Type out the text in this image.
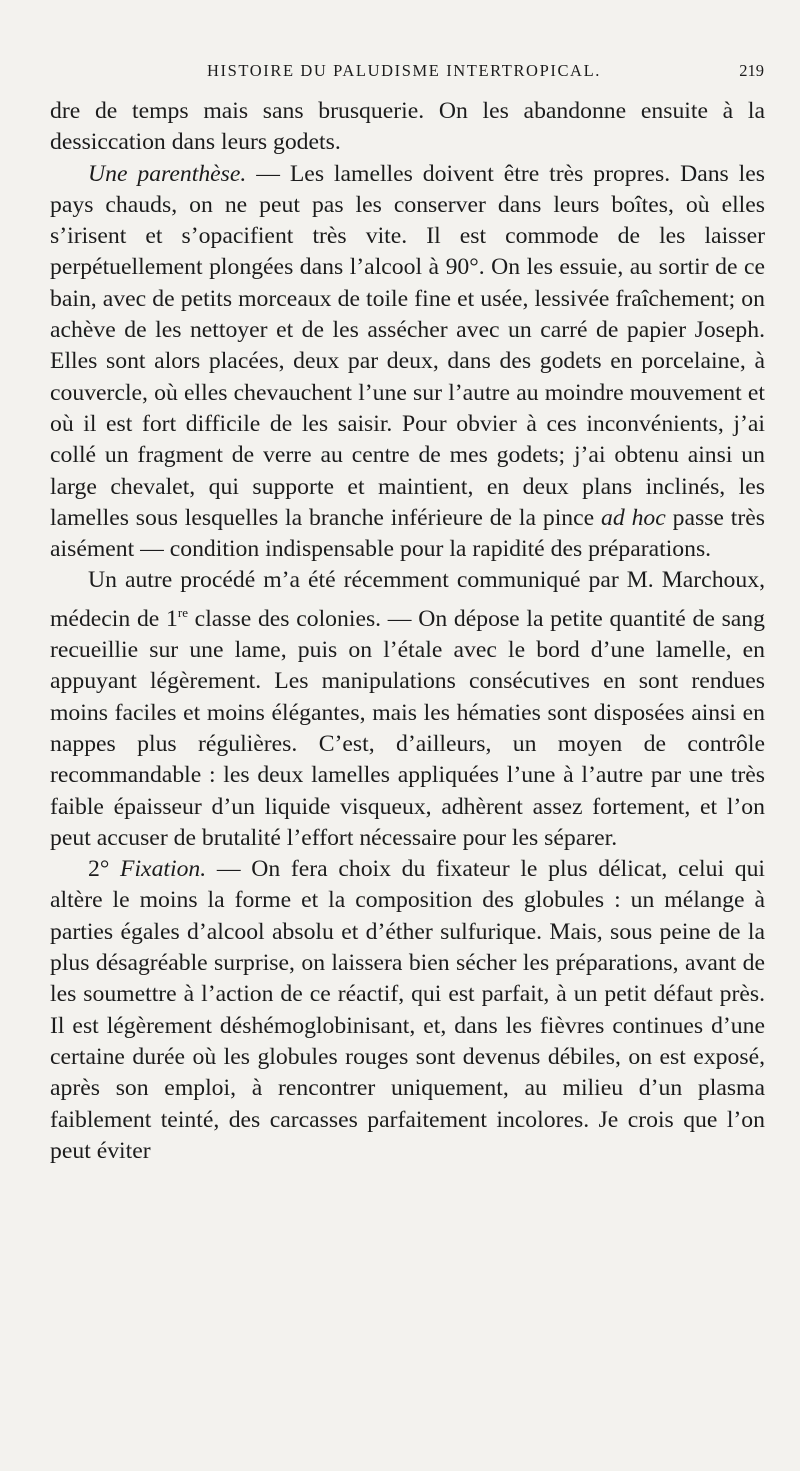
HISTOIRE DU PALUDISME INTERTROPICAL.	219

dre de temps mais sans brusquerie. On les abandonne ensuite à la dessiccation dans leurs godets.

Une parenthèse. — Les lamelles doivent être très propres. Dans les pays chauds, on ne peut pas les conserver dans leurs boîtes, où elles s’irisent et s’opacifient très vite. Il est commode de les laisser perpétuellement plongées dans l’alcool à 90°. On les essuie, au sortir de ce bain, avec de petits morceaux de toile fine et usée, lessivée fraîchement; on achève de les nettoyer et de les assécher avec un carré de papier Joseph. Elles sont alors placées, deux par deux, dans des godets en porcelaine, à couvercle, où elles chevauchent l’une sur l’autre au moindre mouvement et où il est fort difficile de les saisir. Pour obvier à ces inconvénients, j’ai collé un fragment de verre au centre de mes godets; j’ai obtenu ainsi un large chevalet, qui supporte et maintient, en deux plans inclinés, les lamelles sous lesquelles la branche inférieure de la pince ad hoc passe très aisément — condition indispensable pour la rapidité des préparations.

Un autre procédé m’a été récemment communiqué par M. Marchoux, médecin de 1re classe des colonies. — On dépose la petite quantité de sang recueillie sur une lame, puis on l’étale avec le bord d’une lamelle, en appuyant légèrement. Les manipulations consécutives en sont rendues moins faciles et moins élégantes, mais les hématies sont disposées ainsi en nappes plus régulières. C’est, d’ailleurs, un moyen de contrôle recommandable : les deux lamelles appliquées l’une à l’autre par une très faible épaisseur d’un liquide visqueux, adhèrent assez fortement, et l’on peut accuser de brutalité l’effort nécessaire pour les séparer.

2° Fixation. — On fera choix du fixateur le plus délicat, celui qui altère le moins la forme et la composition des globules : un mélange à parties égales d’alcool absolu et d’éther sulfurique. Mais, sous peine de la plus désagréable surprise, on laissera bien sécher les préparations, avant de les soumettre à l’action de ce réactif, qui est parfait, à un petit défaut près. Il est légèrement déshémoglobinisant, et, dans les fièvres continues d’une certaine durée où les globules rouges sont devenus débiles, on est exposé, après son emploi, à rencontrer uniquement, au milieu d’un plasma faiblement teinté, des carcasses parfaitement incolores. Je crois que l’on peut éviter
